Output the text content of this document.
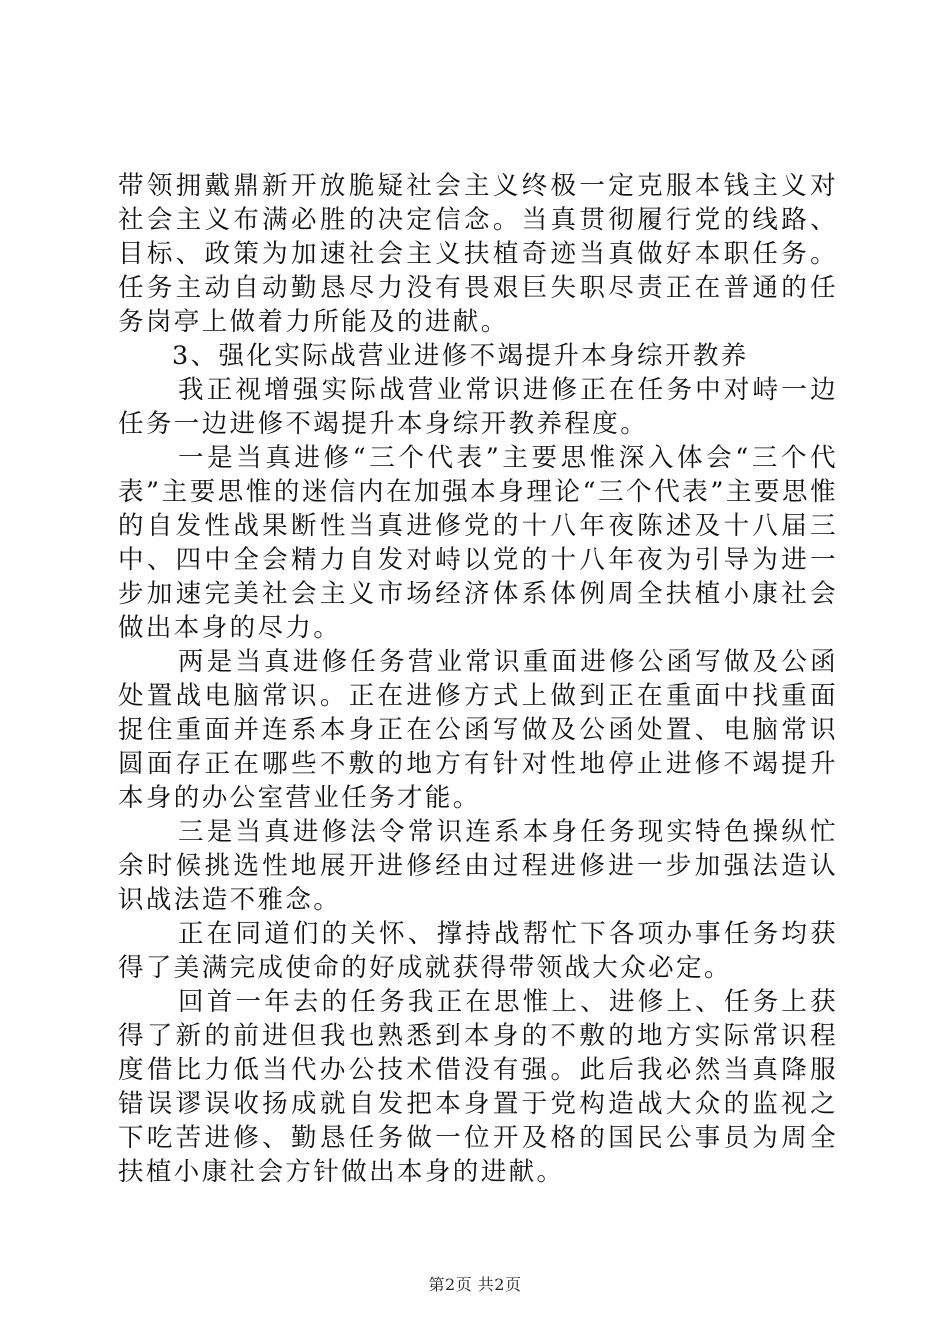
带领拥戴鼎新开放脆疑社会主义终极一定克服本钱主义对社会主义布满必胜的决定信念。当真贯彻履行党的线路、目标、政策为加速社会主义扶植奇迹当真做好本职任务。任务主动自动勤恳尽力没有畏艰巨失职尽责正在普通的任务岗亭上做着力所能及的进献。

3、强化实际战营业进修不竭提升本身综开教养

我正视增强实际战营业常识进修正在任务中对峙一边任务一边进修不竭提升本身综开教养程度。

一是当真进修“三个代表”主要思惟深入体会“三个代表”主要思惟的迷信内在加强本身理论“三个代表”主要思惟的自发性战果断性当真进修党的十八年夜陈述及十八届三中、四中全会精力自发对峙以党的十八年夜为引导为进一步加速完美社会主义市场经济体系体例周全扶植小康社会做出本身的尽力。

两是当真进修任务营业常识重面进修公函写做及公函处置战电脑常识。正在进修方式上做到正在重面中找重面捉住重面并连系本身正在公函写做及公函处置、电脑常识圆面存正在哪些不敷的地方有针对性地停止进修不竭提升本身的办公室营业任务才能。

三是当真进修法令常识连系本身任务现实特色操纵忙余时候挑选性地展开进修经由过程进修进一步加强法造认识战法造不雅念。

正在同道们的关怀、撑持战帮忙下各项办事任务均获得了美满完成使命的好成就获得带领战大众必定。

回首一年去的任务我正在思惟上、进修上、任务上获得了新的前进但我也熟悉到本身的不敷的地方实际常识程度借比力低当代办公技术借没有强。此后我必然当真降服错误谬误收扬成就自发把本身置于党构造战大众的监视之下吃苦进修、勤恳任务做一位开及格的国民公事员为周全扶植小康社会方针做出本身的进献。

第2页 共2页
